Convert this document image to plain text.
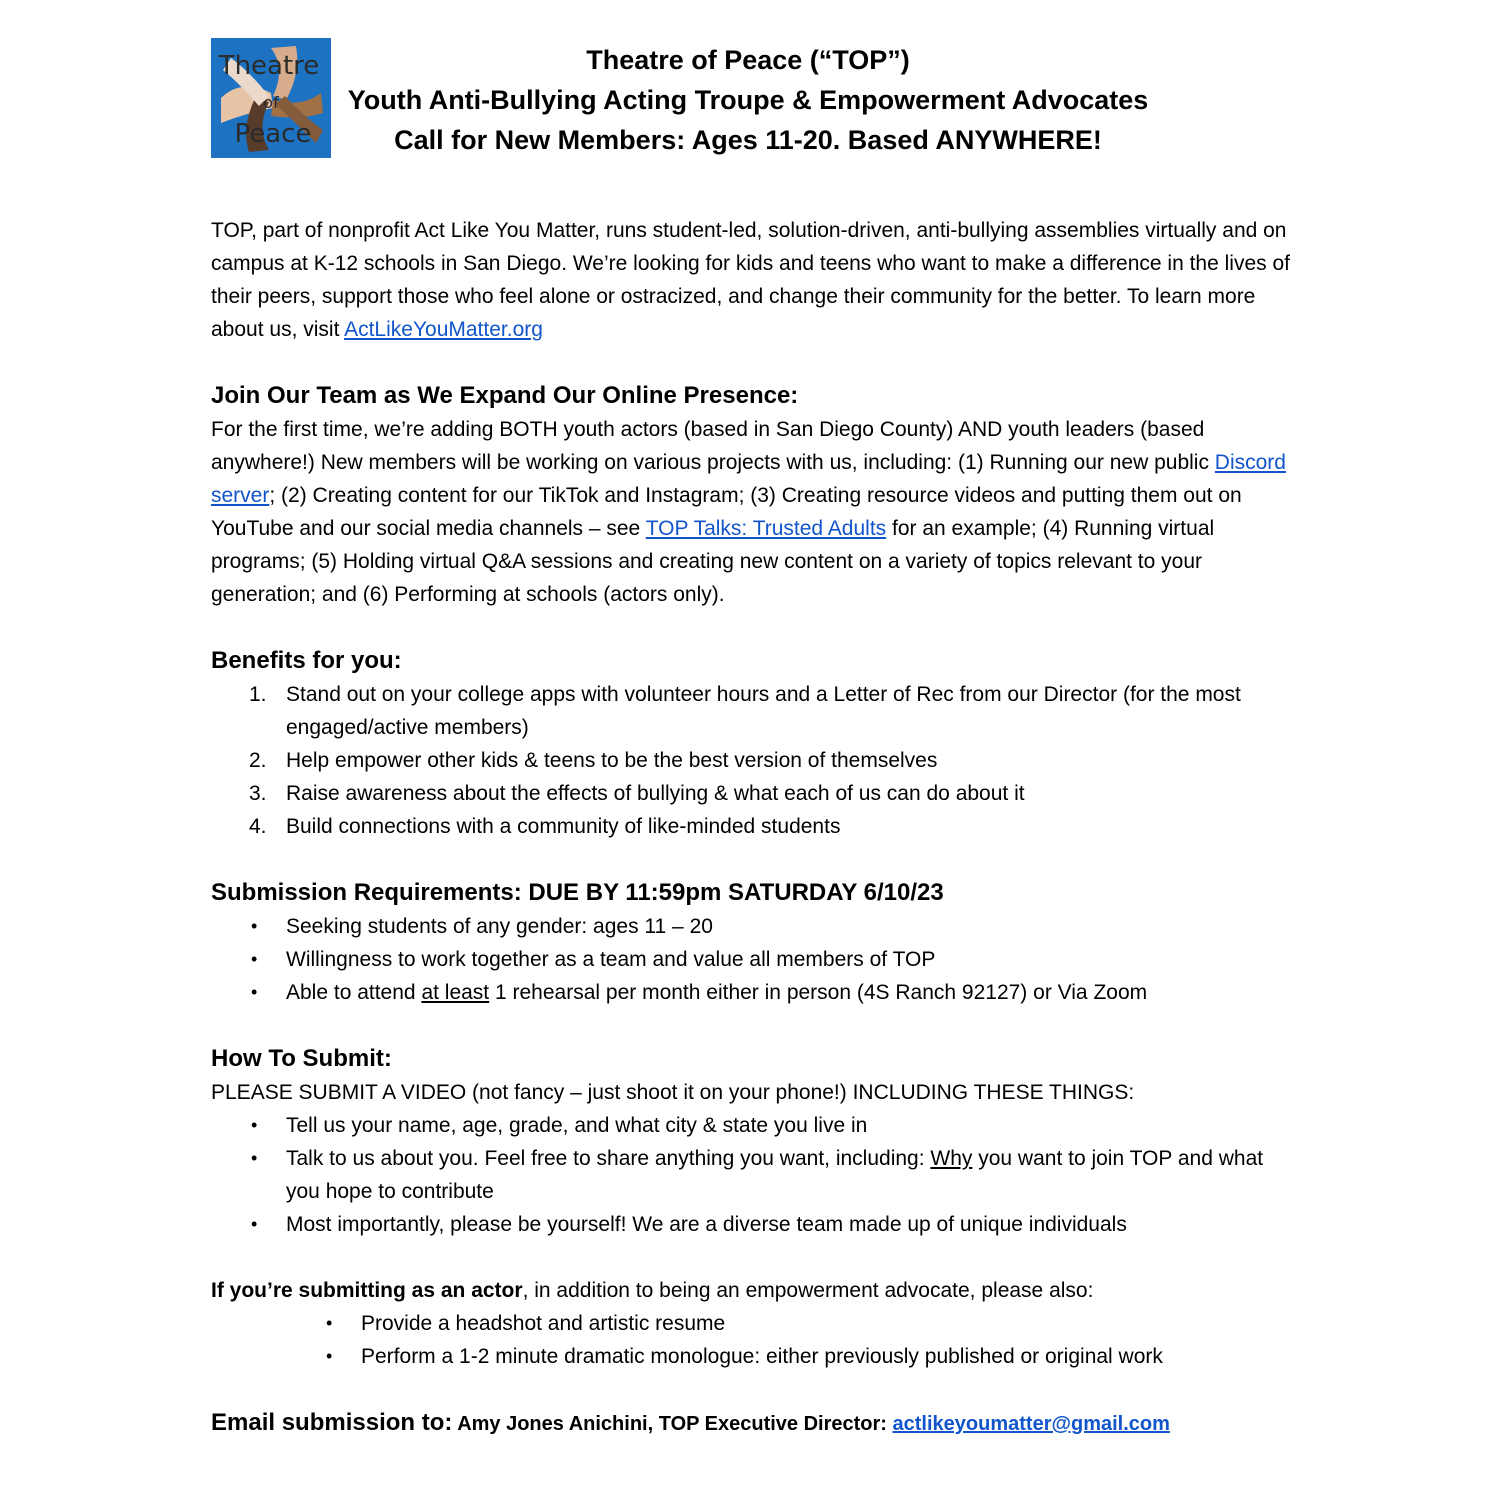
Theatre
of
Peace
Theatre of Peace (“TOP”)
Youth Anti-Bullying Acting Troupe & Empowerment Advocates
Call for New Members: Ages 11-20. Based ANYWHERE!

TOP, part of nonprofit Act Like You Matter, runs student-led, solution-driven, anti-bullying assemblies virtually and on campus at K-12 schools in San Diego. We’re looking for kids and teens who want to make a difference in the lives of their peers, support those who feel alone or ostracized, and change their community for the better. To learn more about us, visit ActLikeYouMatter.org

Join Our Team as We Expand Our Online Presence:

For the first time, we’re adding BOTH youth actors (based in San Diego County) AND youth leaders (based anywhere!) New members will be working on various projects with us, including: (1) Running our new public Discord server; (2) Creating content for our TikTok and Instagram; (3) Creating resource videos and putting them out on YouTube and our social media channels – see TOP Talks: Trusted Adults for an example; (4) Running virtual programs; (5) Holding virtual Q&A sessions and creating new content on a variety of topics relevant to your generation; and (6) Performing at schools (actors only).

Benefits for you:
1. Stand out on your college apps with volunteer hours and a Letter of Rec from our Director (for the most engaged/active members)
2. Help empower other kids & teens to be the best version of themselves
3. Raise awareness about the effects of bullying & what each of us can do about it
4. Build connections with a community of like-minded students
Submission Requirements: DUE BY 11:59pm SATURDAY 6/10/23
• Seeking students of any gender: ages 11 – 20
• Willingness to work together as a team and value all members of TOP
• Able to attend at least 1 rehearsal per month either in person (4S Ranch 92127) or Via Zoom
How To Submit:

PLEASE SUBMIT A VIDEO (not fancy – just shoot it on your phone!) INCLUDING THESE THINGS:

• Tell us your name, age, grade, and what city & state you live in
• Talk to us about you. Feel free to share anything you want, including: Why you want to join TOP and what you hope to contribute
• Most importantly, please be yourself! We are a diverse team made up of unique individuals

If you’re submitting as an actor, in addition to being an empowerment advocate, please also:

• Provide a headshot and artistic resume
• Perform a 1-2 minute dramatic monologue: either previously published or original work

Email submission to: Amy Jones Anichini, TOP Executive Director: actlikeyoumatter@gmail.com
